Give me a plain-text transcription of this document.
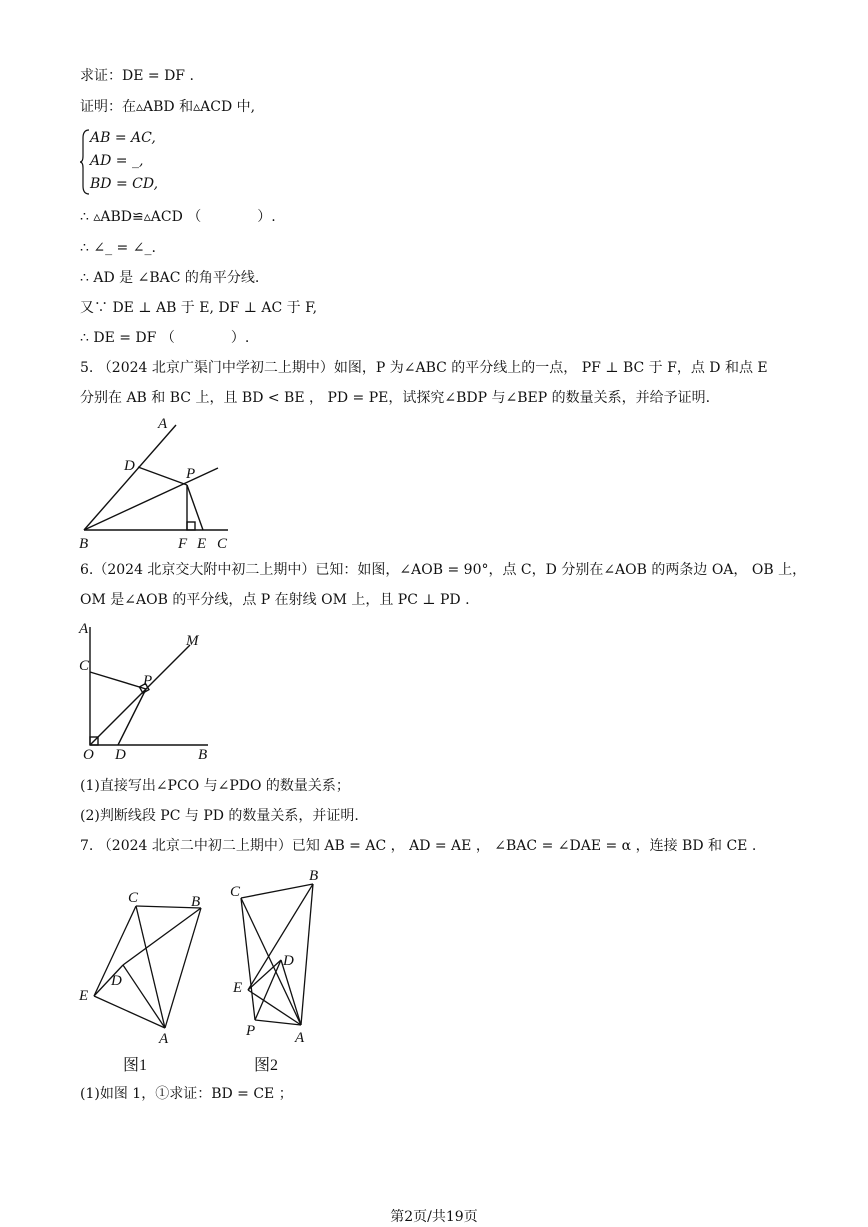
求证：DE = DF .
证明：在▵ABD 和▵ACD 中,
AB = AC,
AD = _,
BD = CD,
∴ ▵ABD≌▵ACD （　　　　）.
∴ ∠_ = ∠_.
∴ AD 是 ∠BAC 的角平分线.
又∵ DE ⊥ AB 于 E, DF ⊥ AC 于 F,
∴ DE = DF （　　　　）.
5. （2024 北京广渠门中学初二上期中）如图，P 为∠ABC 的平分线上的一点， PF ⊥ BC 于 F，点 D 和点 E
分别在 AB 和 BC 上，且 BD < BE ， PD = PE，试探究∠BDP 与∠BEP 的数量关系，并给予证明.
A
D	P
B	F E C
6.（2024 北京交大附中初二上期中）已知：如图，∠AOB = 90°，点 C，D 分别在∠AOB 的两条边 OA， OB 上，
OM 是∠AOB 的平分线，点 P 在射线 OM 上，且 PC ⊥ PD .
A
C
P
M
O D	B
(1)直接写出∠PCO 与∠PDO 的数量关系；
(2)判断线段 PC 与 PD 的数量关系，并证明.
7. （2024 北京二中初二上期中）已知 AB = AC ， AD = AE ， ∠BAC = ∠DAE = α ，连接 BD 和 CE .
C	B
D
E
A
C
B
D
E
P	A
图1	图2
(1)如图 1，①求证：BD = CE ；
第2页/共19页
